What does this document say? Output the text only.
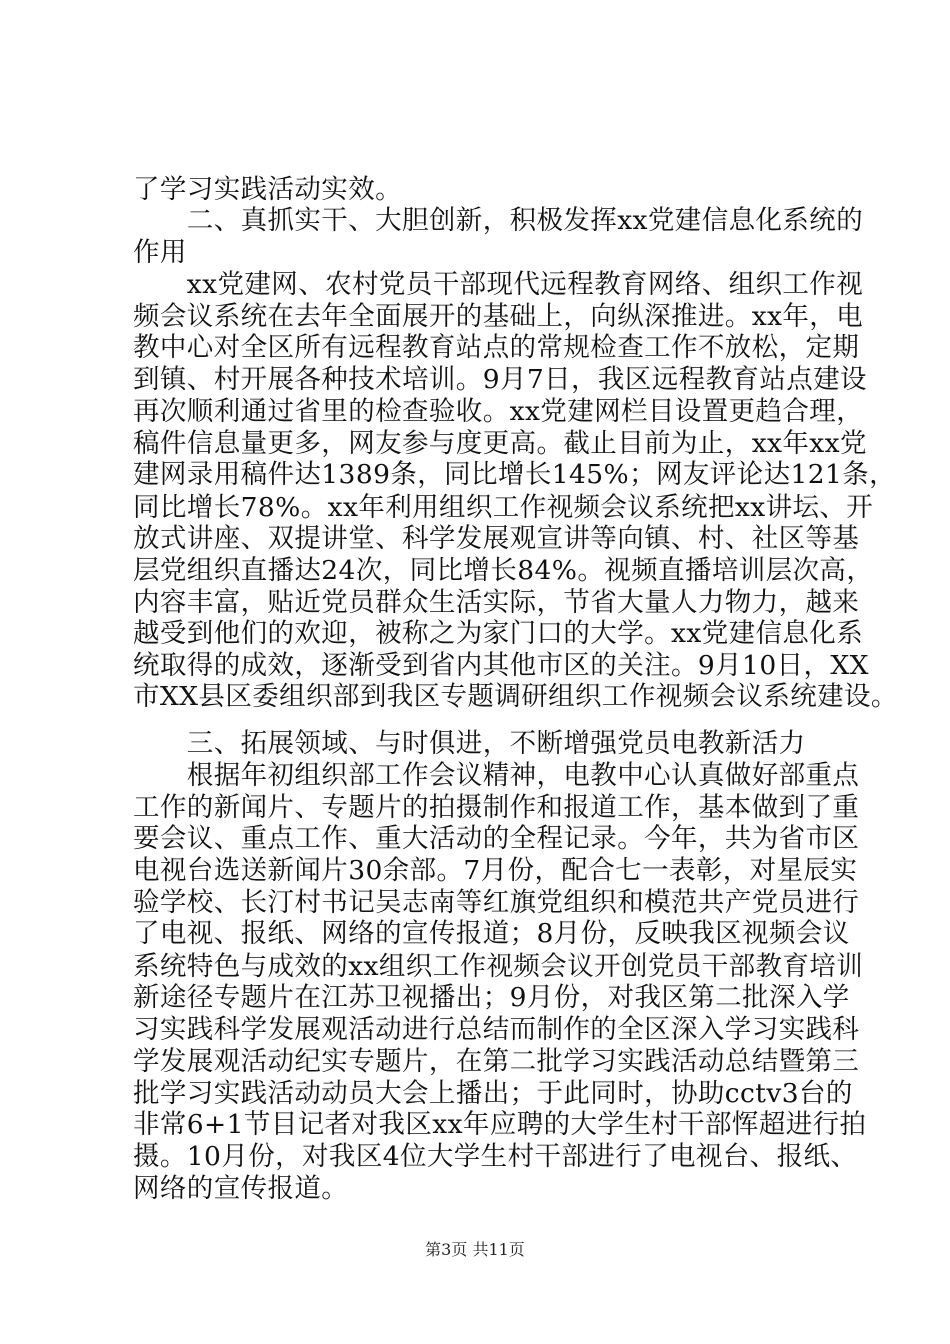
了学习实践活动实效。
　　二、真抓实干、大胆创新，积极发挥xx党建信息化系统的
作用
　　xx党建网、农村党员干部现代远程教育网络、组织工作视
频会议系统在去年全面展开的基础上，向纵深推进。xx年，电
教中心对全区所有远程教育站点的常规检查工作不放松，定期
到镇、村开展各种技术培训。9月7日，我区远程教育站点建设
再次顺利通过省里的检查验收。xx党建网栏目设置更趋合理，
稿件信息量更多，网友参与度更高。截止目前为止，xx年xx党
建网录用稿件达1389条，同比增长145%；网友评论达121条，
同比增长78%。xx年利用组织工作视频会议系统把xx讲坛、开
放式讲座、双提讲堂、科学发展观宣讲等向镇、村、社区等基
层党组织直播达24次，同比增长84%。视频直播培训层次高，
内容丰富，贴近党员群众生活实际，节省大量人力物力，越来
越受到他们的欢迎，被称之为家门口的大学。xx党建信息化系
统取得的成效，逐渐受到省内其他市区的关注。9月10日，XX
市XX县区委组织部到我区专题调研组织工作视频会议系统建设。
　　三、拓展领域、与时俱进，不断增强党员电教新活力
　　根据年初组织部工作会议精神，电教中心认真做好部重点
工作的新闻片、专题片的拍摄制作和报道工作，基本做到了重
要会议、重点工作、重大活动的全程记录。今年，共为省市区
电视台选送新闻片30余部。7月份，配合七一表彰，对星辰实
验学校、长汀村书记吴志南等红旗党组织和模范共产党员进行
了电视、报纸、网络的宣传报道；8月份，反映我区视频会议
系统特色与成效的xx组织工作视频会议开创党员干部教育培训
新途径专题片在江苏卫视播出；9月份，对我区第二批深入学
习实践科学发展观活动进行总结而制作的全区深入学习实践科
学发展观活动纪实专题片，在第二批学习实践活动总结暨第三
批学习实践活动动员大会上播出；于此同时，协助cctv3台的
非常6+1节目记者对我区xx年应聘的大学生村干部恽超进行拍
摄。10月份，对我区4位大学生村干部进行了电视台、报纸、
网络的宣传报道。
第3页 共11页
